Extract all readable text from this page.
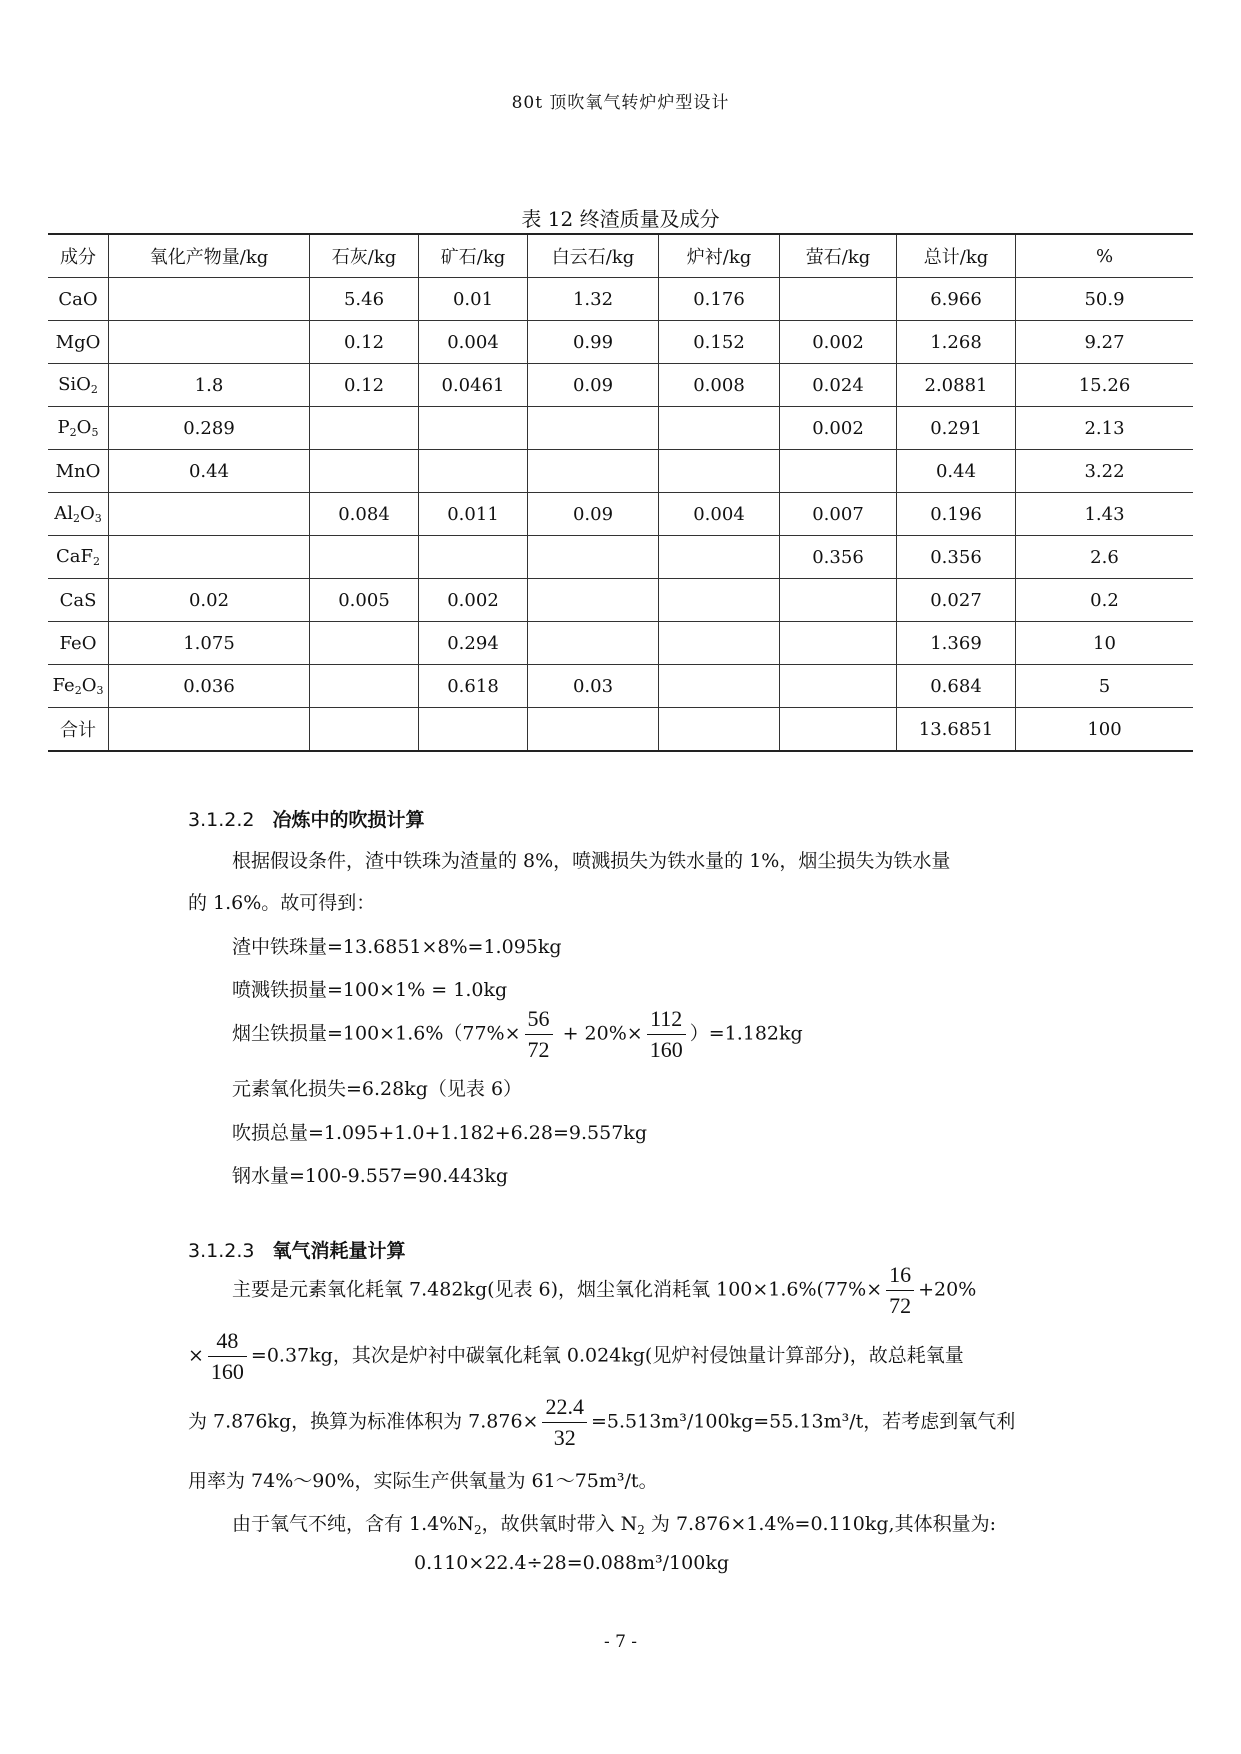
80t 顶吹氧气转炉炉型设计
表 12 终渣质量及成分
成分	氧化产物量/kg	石灰/kg	矿石/kg	白云石/kg	炉衬/kg	萤石/kg	总计/kg	%
CaO		5.46	0.01	1.32	0.176		6.966	50.9
MgO		0.12	0.004	0.99	0.152	0.002	1.268	9.27
SiO$_2$	1.8	0.12	0.0461	0.09	0.008	0.024	2.0881	15.26
$P_2O_5$	0.289					0.002	0.291	2.13
MnO	0.44						0.44	3.22
$Al_2O_3$		0.084	0.011	0.09	0.004	0.007	0.196	1.43
CaF$_2$						0.356	0.356	2.6
CaS	0.02	0.005	0.002				0.027	0.2
FeO	1.075		0.294				1.369	10
$Fe_2O_3$	0.036		0.618	0.03			0.684	5
合计							13.6851	100
3.1.2.2 冶炼中的吹损计算
根据假设条件，渣中铁珠为渣量的 8%，喷溅损失为铁水量的 1%，烟尘损失为铁水量
的 1.6%。故可得到：
渣中铁珠量=13.6851×8%=1.095kg
喷溅铁损量=100×1% = 1.0kg
烟尘铁损量$=100\times 1.6\%(77\%\times \frac{56}{72} + 20\%\times \frac{112}{160} )=1.182kg$
元素氧化损失=6.28kg（见表 6）
吹损总量=1.095+1.0+1.182+6.28=9.557kg
钢水量=100-9.557=90.443kg
3.1.2.3 氧气消耗量计算
主要是元素氧化耗氧 7.482kg(见表 6)，烟尘氧化消耗氧 $100\times 1.6\%(77\%\times \frac{16}{72} +20\%$
× $\frac{48}{160} =0.37kg$，其次是炉衬中碳氧化耗氧 0.024kg(见炉衬侵蚀量计算部分)，故总耗氧量
为 7.876kg，换算为标准体积为 $7.876\times \frac{22.4}{32} =5.513m^3/100kg=55.13m^3/t$，若考虑到氧气利
用率为 74%～90%，实际生产供氧量为 61～75m³/t。
由于氧气不纯，含有 $1.4\%N_2$，故供氧时带入 $N_2$ 为 7.876×1.4%=0.110kg,其体积量为:
0.110×22.4÷28=0.088m³/100kg
- 7 -
